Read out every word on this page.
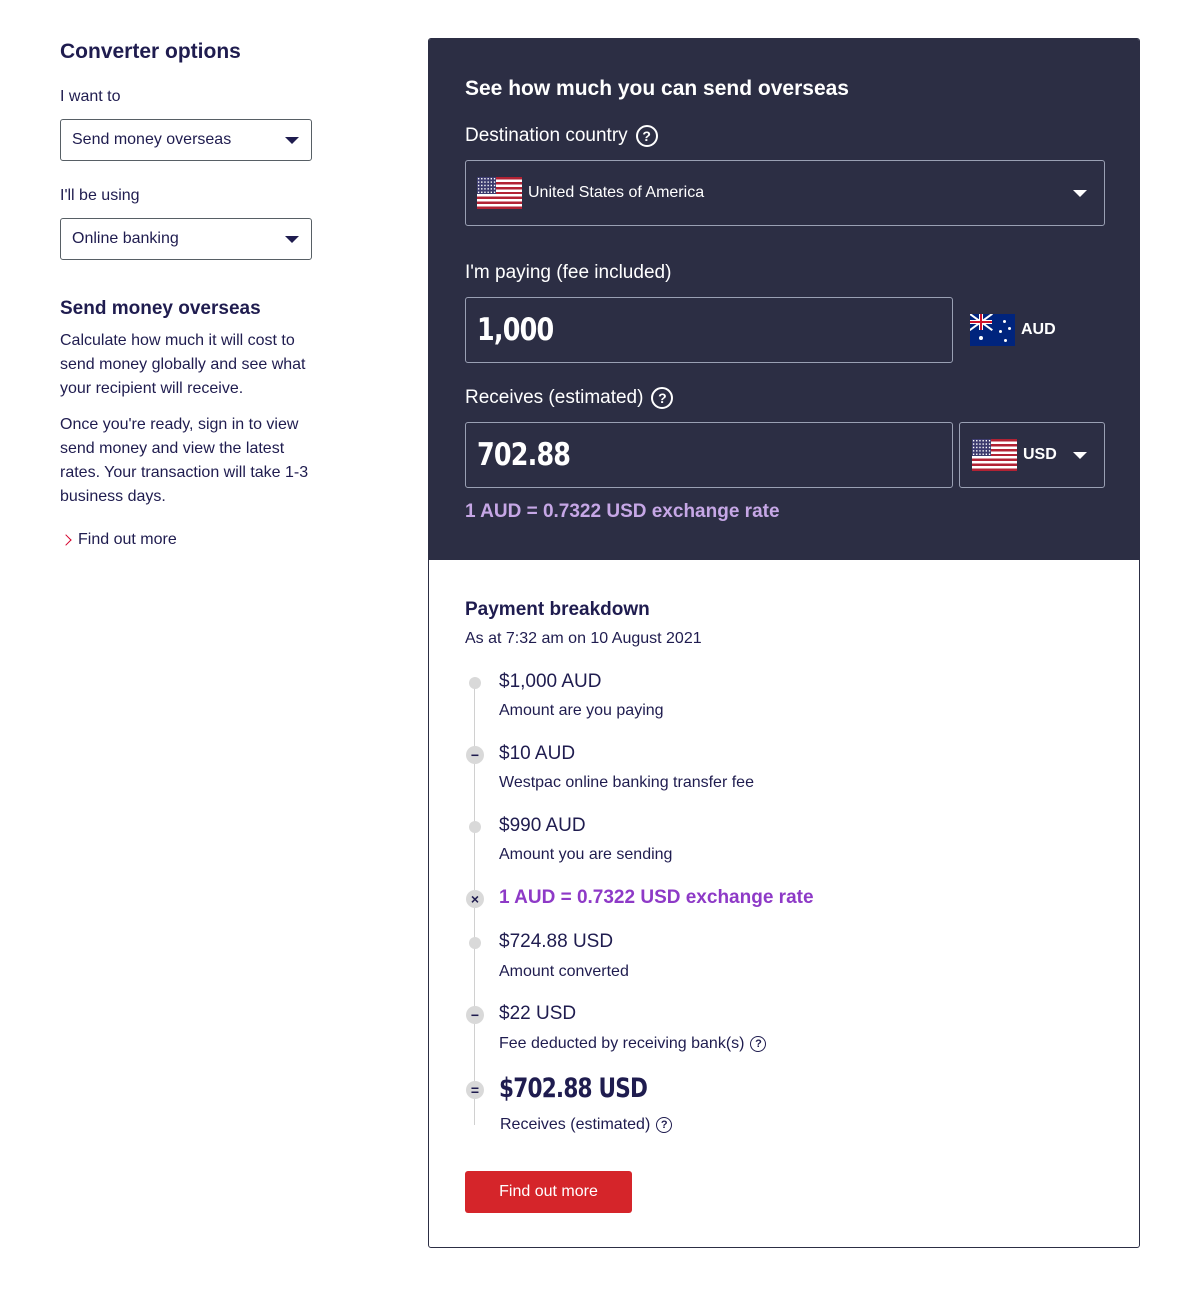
Converter options
I want to
Send money overseas
I'll be using
Online banking
Send money overseas

Calculate how much it will cost to send money globally and see what your recipient will receive.

Once you're ready, sign in to view send money and view the latest rates. Your transaction will take 1-3 business days.

Find out more
See how much you can send overseas
Destination country	?
United States of America
I'm paying (fee included)
1,000	AUD
Receives (estimated)	?
702.88	USD
1 AUD = 0.7322 USD exchange rate
Payment breakdown
As at 7:32 am on 10 August 2021
$1,000 AUD
Amount are you paying
− $10 AUD
Westpac online banking transfer fee
$990 AUD
Amount you are sending
× 1 AUD = 0.7322 USD exchange rate
$724.88 USD
Amount converted
− $22 USD
Fee deducted by receiving bank(s) ?
= $702.88 USD
Receives (estimated) ?
Find out more
